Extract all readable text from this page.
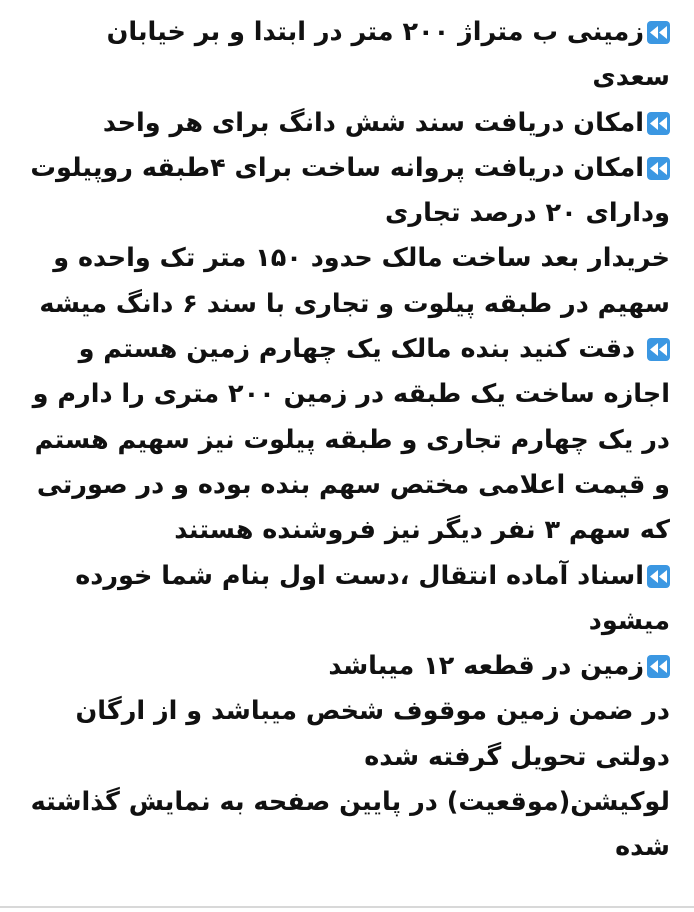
زمینی ب متراژ ۲۰۰ متر در ابتدا و بر خیابان سعدی

امکان دریافت سند شش دانگ برای هر واحد

امکان دریافت پروانه ساخت برای ۴طبقه روپیلوت ودارای ۲۰ درصد تجاری

خریدار بعد ساخت مالک حدود ۱۵۰ متر تک واحده و سهیم در طبقه پیلوت و تجاری با سند ۶ دانگ میشه

دقت کنید بنده مالک یک چهارم زمین هستم و اجازه ساخت یک طبقه در زمین ۲۰۰ متری را دارم و در یک چهارم تجاری و طبقه پیلوت نیز سهیم هستم و قیمت اعلامی مختص سهم بنده بوده و در صورتی که سهم ۳ نفر دیگر نیز فروشنده هستند

اسناد آماده انتقال ،دست اول بنام شما خورده میشود

زمین در قطعه ۱۲ میباشد

در ضمن زمین موقوف شخص میباشد و از ارگان دولتی تحویل گرفته شده

لوکیشن(موقعیت) در پایین صفحه به نمایش گذاشته شده
